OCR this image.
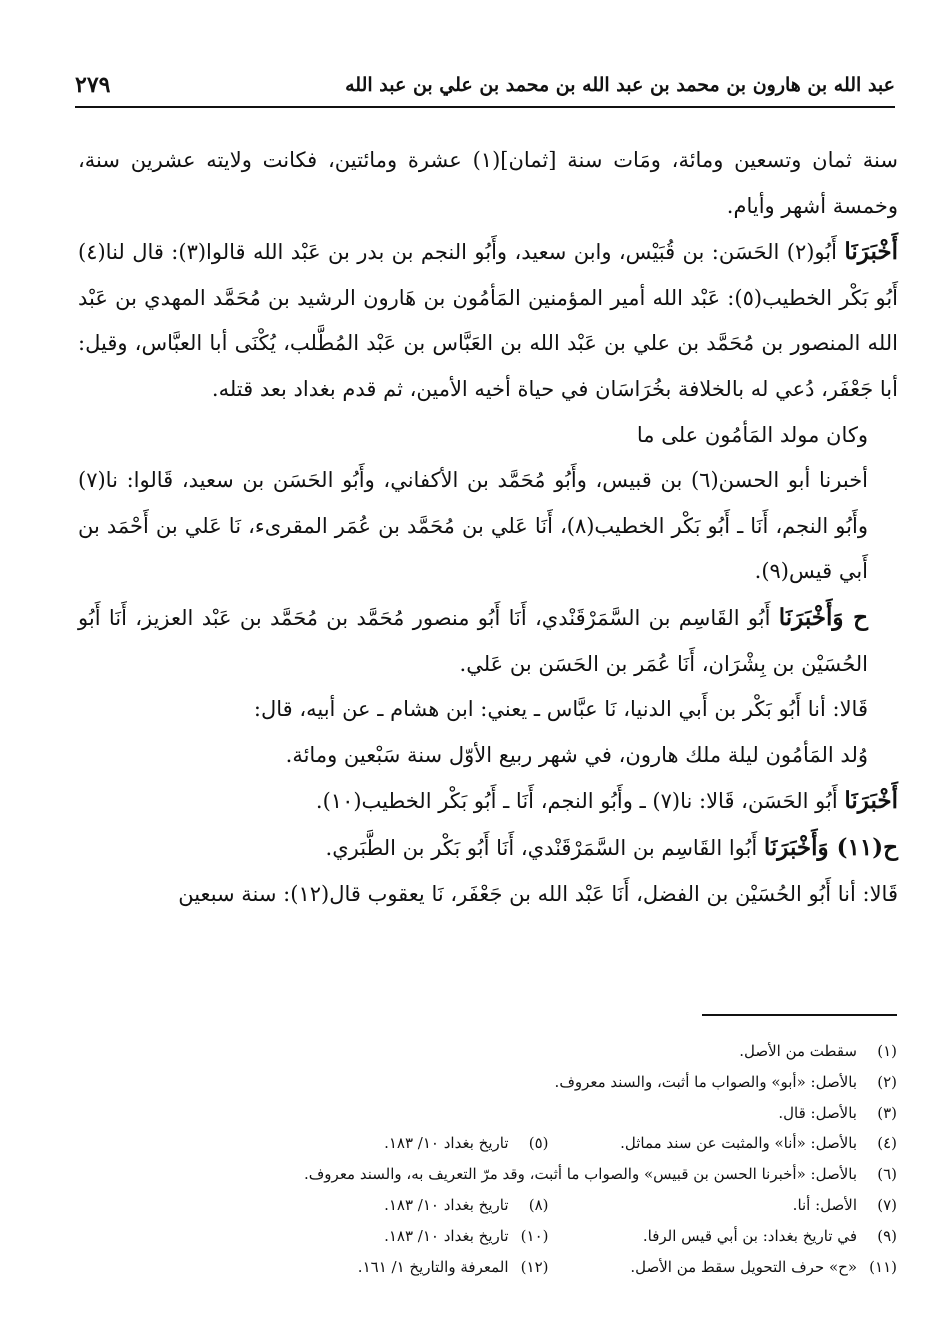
عبد الله بن هارون بن محمد بن عبد الله بن محمد بن علي بن عبد الله
٢٧٩

سنة ثمان وتسعين ومائة، ومَات سنة [ثمان](١) عشرة ومائتين، فكانت ولايته عشرين سنة، وخمسة أشهر وأيام.

أَخْبَرَنَا أَبُو(٢) الحَسَن: بن قُبَيْس، وابن سعيد، وأَبُو النجم بن بدر بن عَبْد الله قالوا(٣): قال لنا(٤) أَبُو بَكْر الخطيب(٥): عَبْد الله أمير المؤمنين المَأمُون بن هَارون الرشيد بن مُحَمَّد المهدي بن عَبْد الله المنصور بن مُحَمَّد بن علي بن عَبْد الله بن العَبَّاس بن عَبْد المُطَّلب، يُكْنَى أبا العبَّاس، وقيل: أبا جَعْفَر، دُعي له بالخلافة بخُرَاسَان في حياة أخيه الأمين، ثم قدم بغداد بعد قتله.

وكان مولد المَأمُون على ما

أخبرنا أبو الحسن(٦) بن قبيس، وأَبُو مُحَمَّد بن الأكفاني، وأَبُو الحَسَن بن سعيد، قَالوا: نا(٧) وأَبُو النجم، أَنَا ـ أَبُو بَكْر الخطيب(٨)، أَنَا عَلي بن مُحَمَّد بن عُمَر المقرىء، نَا عَلي بن أَحْمَد بن أَبي قيس(٩).

ح وَأَخْبَرَنَا أَبُو القَاسِم بن السَّمَرْقَنْدي، أَنَا أَبُو منصور مُحَمَّد بن مُحَمَّد بن عَبْد العزيز، أَنَا أَبُو الحُسَيْن بن بِشْرَان، أَنَا عُمَر بن الحَسَن بن عَلي.

قَالا: أنا أَبُو بَكْر بن أَبي الدنيا، نَا عبَّاس ـ يعني: ابن هشام ـ عن أبيه، قال:

وُلد المَأمُون ليلة ملك هارون، في شهر ربيع الأوّل سنة سَبْعين ومائة.

أَخْبَرَنَا أَبُو الحَسَن، قَالا: نا(٧) ـ وأَبُو النجم، أَنَا ـ أَبُو بَكْر الخطيب(١٠).

ح(١١) وَأَخْبَرَنَا أَبُوا القَاسِم بن السَّمَرْقَنْدي، أَنَا أَبُو بَكْر بن الطَّبَري.

قَالا: أنا أَبُو الحُسَيْن بن الفضل، أَنَا عَبْد الله بن جَعْفَر، نَا يعقوب قال(١٢): سنة سبعين

(١)سقطت من الأصل.
(٢)بالأصل: «أبو» والصواب ما أثبت، والسند معروف.
(٣)بالأصل: قال.
(٤)بالأصل: «أنا» والمثبت عن سند مماثل.
(٥)تاريخ بغداد ١٠/ ١٨٣.
(٦)بالأصل: «أخبرنا الحسن بن قبيس» والصواب ما أثبت، وقد مرّ التعريف به، والسند معروف.
(٧)الأصل: أنا.
(٨)تاريخ بغداد ١٠/ ١٨٣.
(٩)في تاريخ بغداد: بن أبي قيس الرفا.
(١٠)تاريخ بغداد ١٠/ ١٨٣.
(١١)«ح» حرف التحويل سقط من الأصل.
(١٢)المعرفة والتاريخ ١/ ١٦١.
